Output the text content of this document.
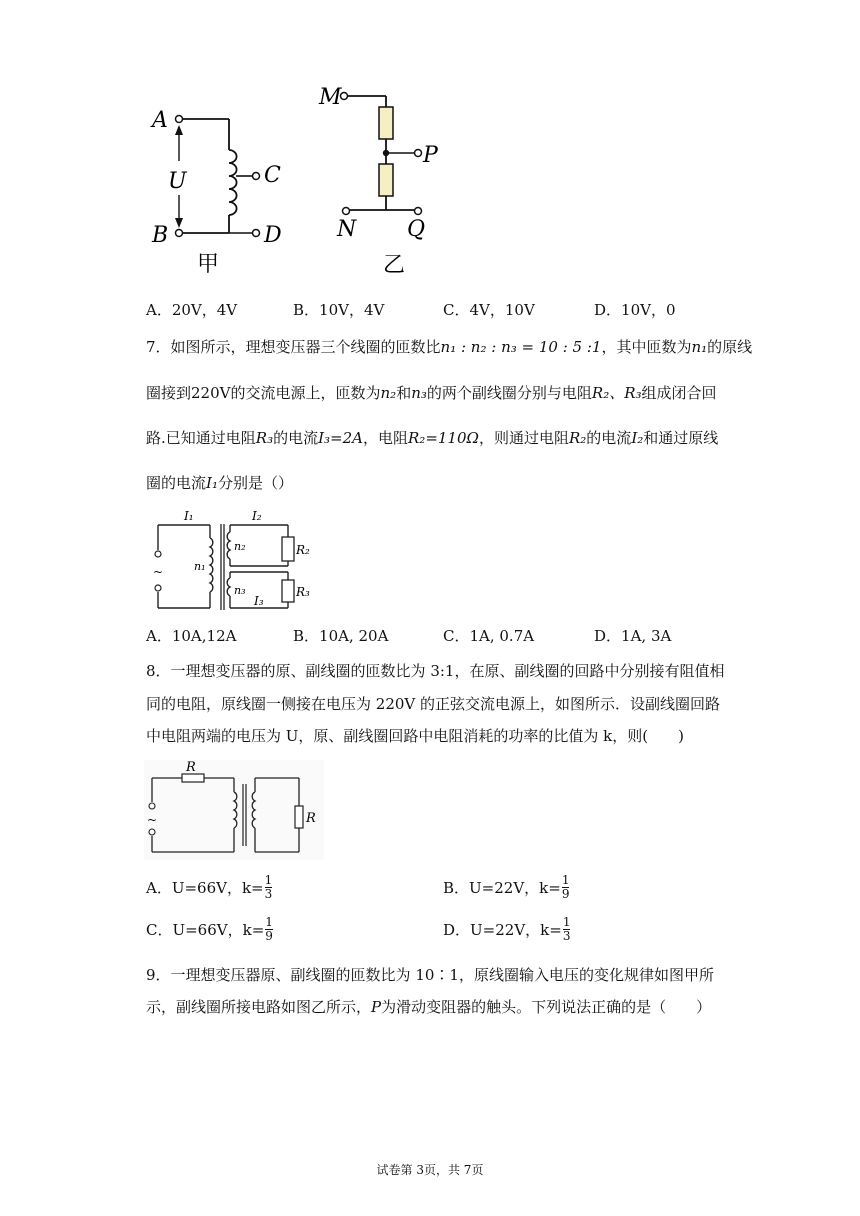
A
U
B
C
D
甲
M
P
N Q
乙
A．20V，4V	B．10V，4V	C．4V，10V	D．10V，0
7．如图所示，理想变压器三个线圈的匝数比n₁ : n₂ : n₃ = 10 : 5 :1，其中匝数为n₁的原线
圈接到220V的交流电源上，匝数为n₂和n₃的两个副线圈分别与电阻R₂、R₃组成闭合回
路.已知通过电阻R₃的电流I₃=2A，电阻R₂=110Ω，则通过电阻R₂的电流I₂和通过原线
圈的电流I₁分别是（）
~
I₁	I₂
n₁
n₂
n₃
I₃
R₂
R₃
A．10A,12A	B．10A, 20A	C．1A, 0.7A	D．1A, 3A
8．一理想变压器的原、副线圈的匝数比为 3:1，在原、副线圈的回路中分别接有阻值相
同的电阻，原线圈一侧接在电压为 220V 的正弦交流电源上，如图所示．设副线圈回路
中电阻两端的电压为 U，原、副线圈回路中电阻消耗的功率的比值为 k，则(　　)
~
R
R
A．U=66V，$k= \frac{1}{3}$	B．U=22V，$k= \frac{1}{9}$
C．U=66V，$k= \frac{1}{9}$	D．U=22V，$k= \frac{1}{3}$
9．一理想变压器原、副线圈的匝数比为 10∶1，原线圈输入电压的变化规律如图甲所
示，副线圈所接电路如图乙所示，P为滑动变阻器的触头。下列说法正确的是（　　）
试卷第 3页，共 7页
